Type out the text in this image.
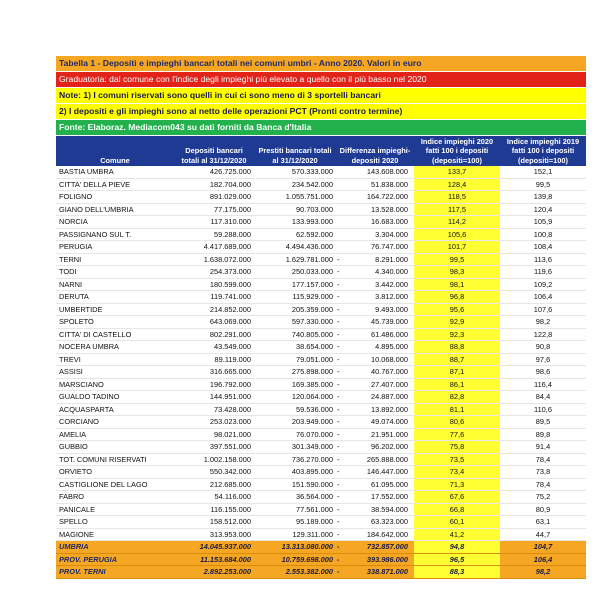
Tabella 1 - Depositi e impieghi bancari totali nei comuni umbri - Anno 2020. Valori in euro
Graduatoria: dal comune con l'indice degli impieghi più elevato a quello con il più basso nel 2020
Note: 1) I comuni riservati sono quelli in cui ci sono meno di 3 sportelli bancari
2) I depositi e gli impieghi sono al netto delle operazioni PCT (Pronti contro termine)
Fonte: Elaboraz. Mediacom043 su dati forniti da Banca d'Italia
Comune	Depositi bancari totali al 31/12/2020	Prestiti bancari totali al 31/12/2020	Differenza impieghi-depositi 2020		Indice impieghi 2020 fatti 100 i depositi (depositi=100)	Indice impieghi 2019 fatti 100 i depositi (depositi=100)
BASTIA UMBRA	426.725.000	570.333.000		143.608.000	133,7	152,1
CITTA' DELLA PIEVE	182.704.000	234.542.000		51.838.000	128,4	99,5
FOLIGNO	891.029.000	1.055.751.000		164.722.000	118,5	139,8
GIANO DELL'UMBRIA	77.175.000	90.703.000		13.528.000	117,5	120,4
NORCIA	117.310.000	133.993.000		16.683.000	114,2	105,9
PASSIGNANO SUL T.	59.288.000	62.592.000		3.304.000	105,6	100,8
PERUGIA	4.417.689.000	4.494.436.000		76.747.000	101,7	108,4
TERNI	1.638.072.000	1.629.781.000	-	8.291.000	99,5	113,6
TODI	254.373.000	250.033.000	-	4.340.000	98,3	119,6
NARNI	180.599.000	177.157.000	-	3.442.000	98,1	109,2
DERUTA	119.741.000	115.929.000	-	3.812.000	96,8	106,4
UMBERTIDE	214.852.000	205.359.000	-	9.493.000	95,6	107,6
SPOLETO	643.069.000	597.330.000	-	45.739.000	92,9	98,2
CITTA' DI CASTELLO	802.291.000	740.805.000	-	61.486.000	92,3	122,8
NOCERA UMBRA	43.549.000	38.654.000	-	4.895.000	88,8	90,8
TREVI	89.119.000	79.051.000	-	10.068.000	88,7	97,6
ASSISI	316.665.000	275.898.000	-	40.767.000	87,1	98,6
MARSCIANO	196.792.000	169.385.000	-	27.407.000	86,1	116,4
GUALDO TADINO	144.951.000	120.064.000	-	24.887.000	82,8	84,4
ACQUASPARTA	73.428.000	59.536.000	-	13.892.000	81,1	110,6
CORCIANO	253.023.000	203.949.000	-	49.074.000	80,6	89,5
AMELIA	98.021.000	76.070.000	-	21.951.000	77,6	89,8
GUBBIO	397.551.000	301.349.000	-	96.202.000	75,8	91,4
TOT. COMUNI RISERVATI	1.002.158.000	736.270.000	-	265.888.000	73,5	78,4
ORVIETO	550.342.000	403.895.000	-	146.447.000	73,4	73,8
CASTIGLIONE DEL LAGO	212.685.000	151.590.000	-	61.095.000	71,3	78,4
FABRO	54.116.000	36.564.000	-	17.552.000	67,6	75,2
PANICALE	116.155.000	77.561.000	-	38.594.000	66,8	80,9
SPELLO	158.512.000	95.189.000	-	63.323.000	60,1	63,1
MAGIONE	313.953.000	129.311.000	-	184.642.000	41,2	44,7
UMBRIA	14.045.937.000	13.313.080.000	-	732.857.000	94,8	104,7
PROV. PERUGIA	11.153.684.000	10.759.698.000	-	393.986.000	96,5	106,4
PROV. TERNI	2.892.253.000	2.553.382.000	-	338.871.000	88,3	98,2
